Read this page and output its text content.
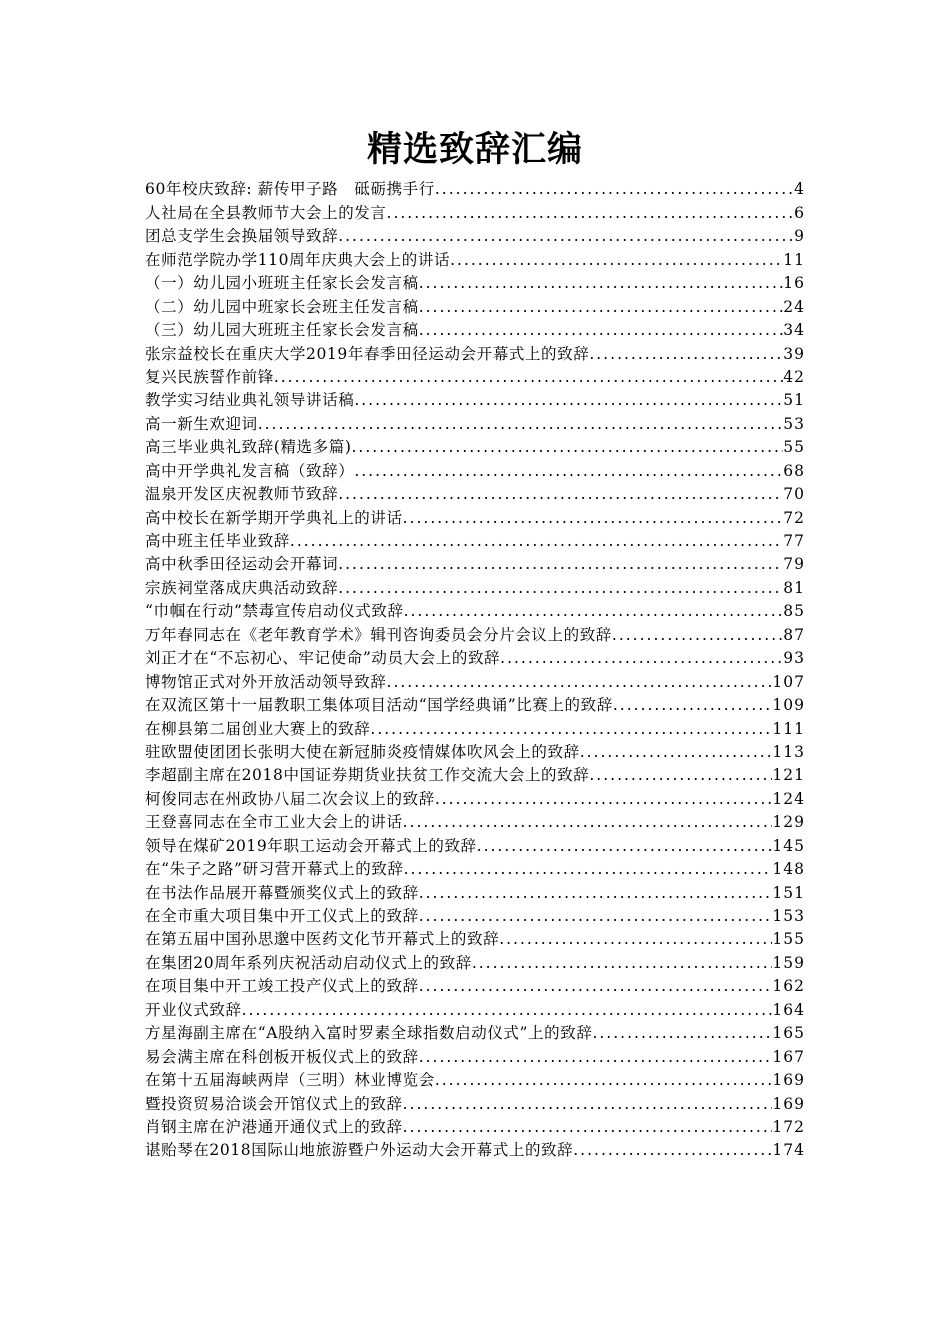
精选致辞汇编
60年校庆致辞: 薪传甲子路　砥砺携手行 .....	4
人社局在全县教师节大会上的发言 .....	6
团总支学生会换届领导致辞 .....	9
在师范学院办学110周年庆典大会上的讲话 .....	11
（一）幼儿园小班班主任家长会发言稿 .....	16
（二）幼儿园中班家长会班主任发言稿 .....	24
（三）幼儿园大班班主任家长会发言稿 .....	34
张宗益校长在重庆大学2019年春季田径运动会开幕式上的致辞 .....	39
复兴民族誓作前锋 .....	42
教学实习结业典礼领导讲话稿 .....	51
高一新生欢迎词 .....	53
高三毕业典礼致辞(精选多篇) .....	55
高中开学典礼发言稿（致辞） .....	68
温泉开发区庆祝教师节致辞 .....	70
高中校长在新学期开学典礼上的讲话 .....	72
高中班主任毕业致辞 .....	77
高中秋季田径运动会开幕词 .....	79
宗族祠堂落成庆典活动致辞 .....	81
“巾帼在行动”禁毒宣传启动仪式致辞 .....	85
万年春同志在《老年教育学术》辑刊咨询委员会分片会议上的致辞 .....	87
刘正才在“不忘初心、牢记使命”动员大会上的致辞 .....	93
博物馆正式对外开放活动领导致辞 .....	107
在双流区第十一届教职工集体项目活动“国学经典诵”比赛上的致辞 .....	109
在柳县第二届创业大赛上的致辞 .....	111
驻欧盟使团团长张明大使在新冠肺炎疫情媒体吹风会上的致辞 .....	113
李超副主席在2018中国证券期货业扶贫工作交流大会上的致辞 .....	121
柯俊同志在州政协八届二次会议上的致辞 .....	124
王登喜同志在全市工业大会上的讲话 .....	129
领导在煤矿2019年职工运动会开幕式上的致辞 .....	145
在“朱子之路”研习营开幕式上的致辞 .....	148
在书法作品展开幕暨颁奖仪式上的致辞 .....	151
在全市重大项目集中开工仪式上的致辞 .....	153
在第五届中国孙思邈中医药文化节开幕式上的致辞 .....	155
在集团20周年系列庆祝活动启动仪式上的致辞 .....	159
在项目集中开工竣工投产仪式上的致辞 .....	162
开业仪式致辞 .....	164
方星海副主席在“A股纳入富时罗素全球指数启动仪式”上的致辞 .....	165
易会满主席在科创板开板仪式上的致辞 .....	167
在第十五届海峡两岸（三明）林业博览会 .....	169
暨投资贸易洽谈会开馆仪式上的致辞 .....	169
肖钢主席在沪港通开通仪式上的致辞 .....	172
谌贻琴在2018国际山地旅游暨户外运动大会开幕式上的致辞 .....	174
